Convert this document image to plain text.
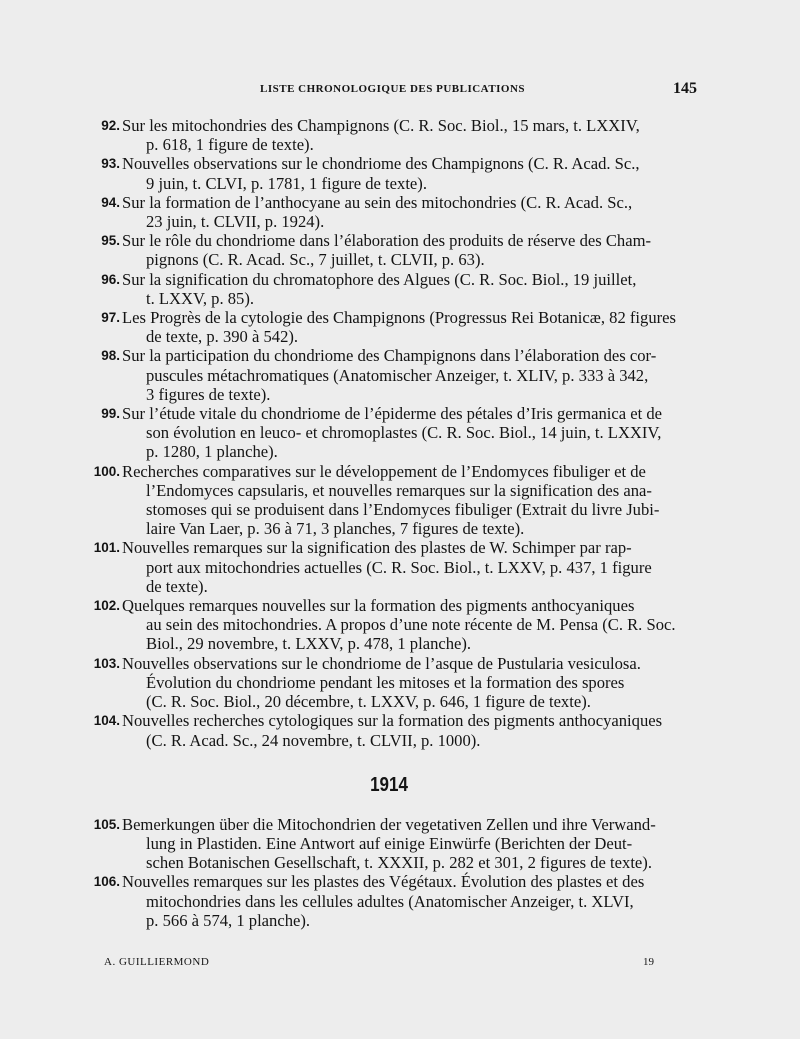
LISTE CHRONOLOGIQUE DES PUBLICATIONS	145
92. Sur les mitochondries des Champignons (C. R. Soc. Biol., 15 mars, t. LXXIV,
p. 618, 1 figure de texte).
93. Nouvelles observations sur le chondriome des Champignons (C. R. Acad. Sc.,
9 juin, t. CLVI, p. 1781, 1 figure de texte).
94. Sur la formation de l’anthocyane au sein des mitochondries (C. R. Acad. Sc.,
23 juin, t. CLVII, p. 1924).
95. Sur le rôle du chondriome dans l’élaboration des produits de réserve des Cham-
pignons (C. R. Acad. Sc., 7 juillet, t. CLVII, p. 63).
96. Sur la signification du chromatophore des Algues (C. R. Soc. Biol., 19 juillet,
t. LXXV, p. 85).
97. Les Progrès de la cytologie des Champignons (Progressus Rei Botanicæ, 82 figures
de texte, p. 390 à 542).
98. Sur la participation du chondriome des Champignons dans l’élaboration des cor-
puscules métachromatiques (Anatomischer Anzeiger, t. XLIV, p. 333 à 342,
3 figures de texte).
99. Sur l’étude vitale du chondriome de l’épiderme des pétales d’Iris germanica et de
son évolution en leuco- et chromoplastes (C. R. Soc. Biol., 14 juin, t. LXXIV,
p. 1280, 1 planche).
100. Recherches comparatives sur le développement de l’Endomyces fibuliger et de
l’Endomyces capsularis, et nouvelles remarques sur la signification des ana-
stomoses qui se produisent dans l’Endomyces fibuliger (Extrait du livre Jubi-
laire Van Laer, p. 36 à 71, 3 planches, 7 figures de texte).
101. Nouvelles remarques sur la signification des plastes de W. Schimper par rap-
port aux mitochondries actuelles (C. R. Soc. Biol., t. LXXV, p. 437, 1 figure
de texte).
102. Quelques remarques nouvelles sur la formation des pigments anthocyaniques
au sein des mitochondries. A propos d’une note récente de M. Pensa (C. R. Soc.
Biol., 29 novembre, t. LXXV, p. 478, 1 planche).
103. Nouvelles observations sur le chondriome de l’asque de Pustularia vesiculosa.
Évolution du chondriome pendant les mitoses et la formation des spores
(C. R. Soc. Biol., 20 décembre, t. LXXV, p. 646, 1 figure de texte).
104. Nouvelles recherches cytologiques sur la formation des pigments anthocyaniques
(C. R. Acad. Sc., 24 novembre, t. CLVII, p. 1000).
1914
105. Bemerkungen über die Mitochondrien der vegetativen Zellen und ihre Verwand-
lung in Plastiden. Eine Antwort auf einige Einwürfe (Berichten der Deut-
schen Botanischen Gesellschaft, t. XXXII, p. 282 et 301, 2 figures de texte).
106. Nouvelles remarques sur les plastes des Végétaux. Évolution des plastes et des
mitochondries dans les cellules adultes (Anatomischer Anzeiger, t. XLVI,
p. 566 à 574, 1 planche).
A. GUILLIERMOND	19
